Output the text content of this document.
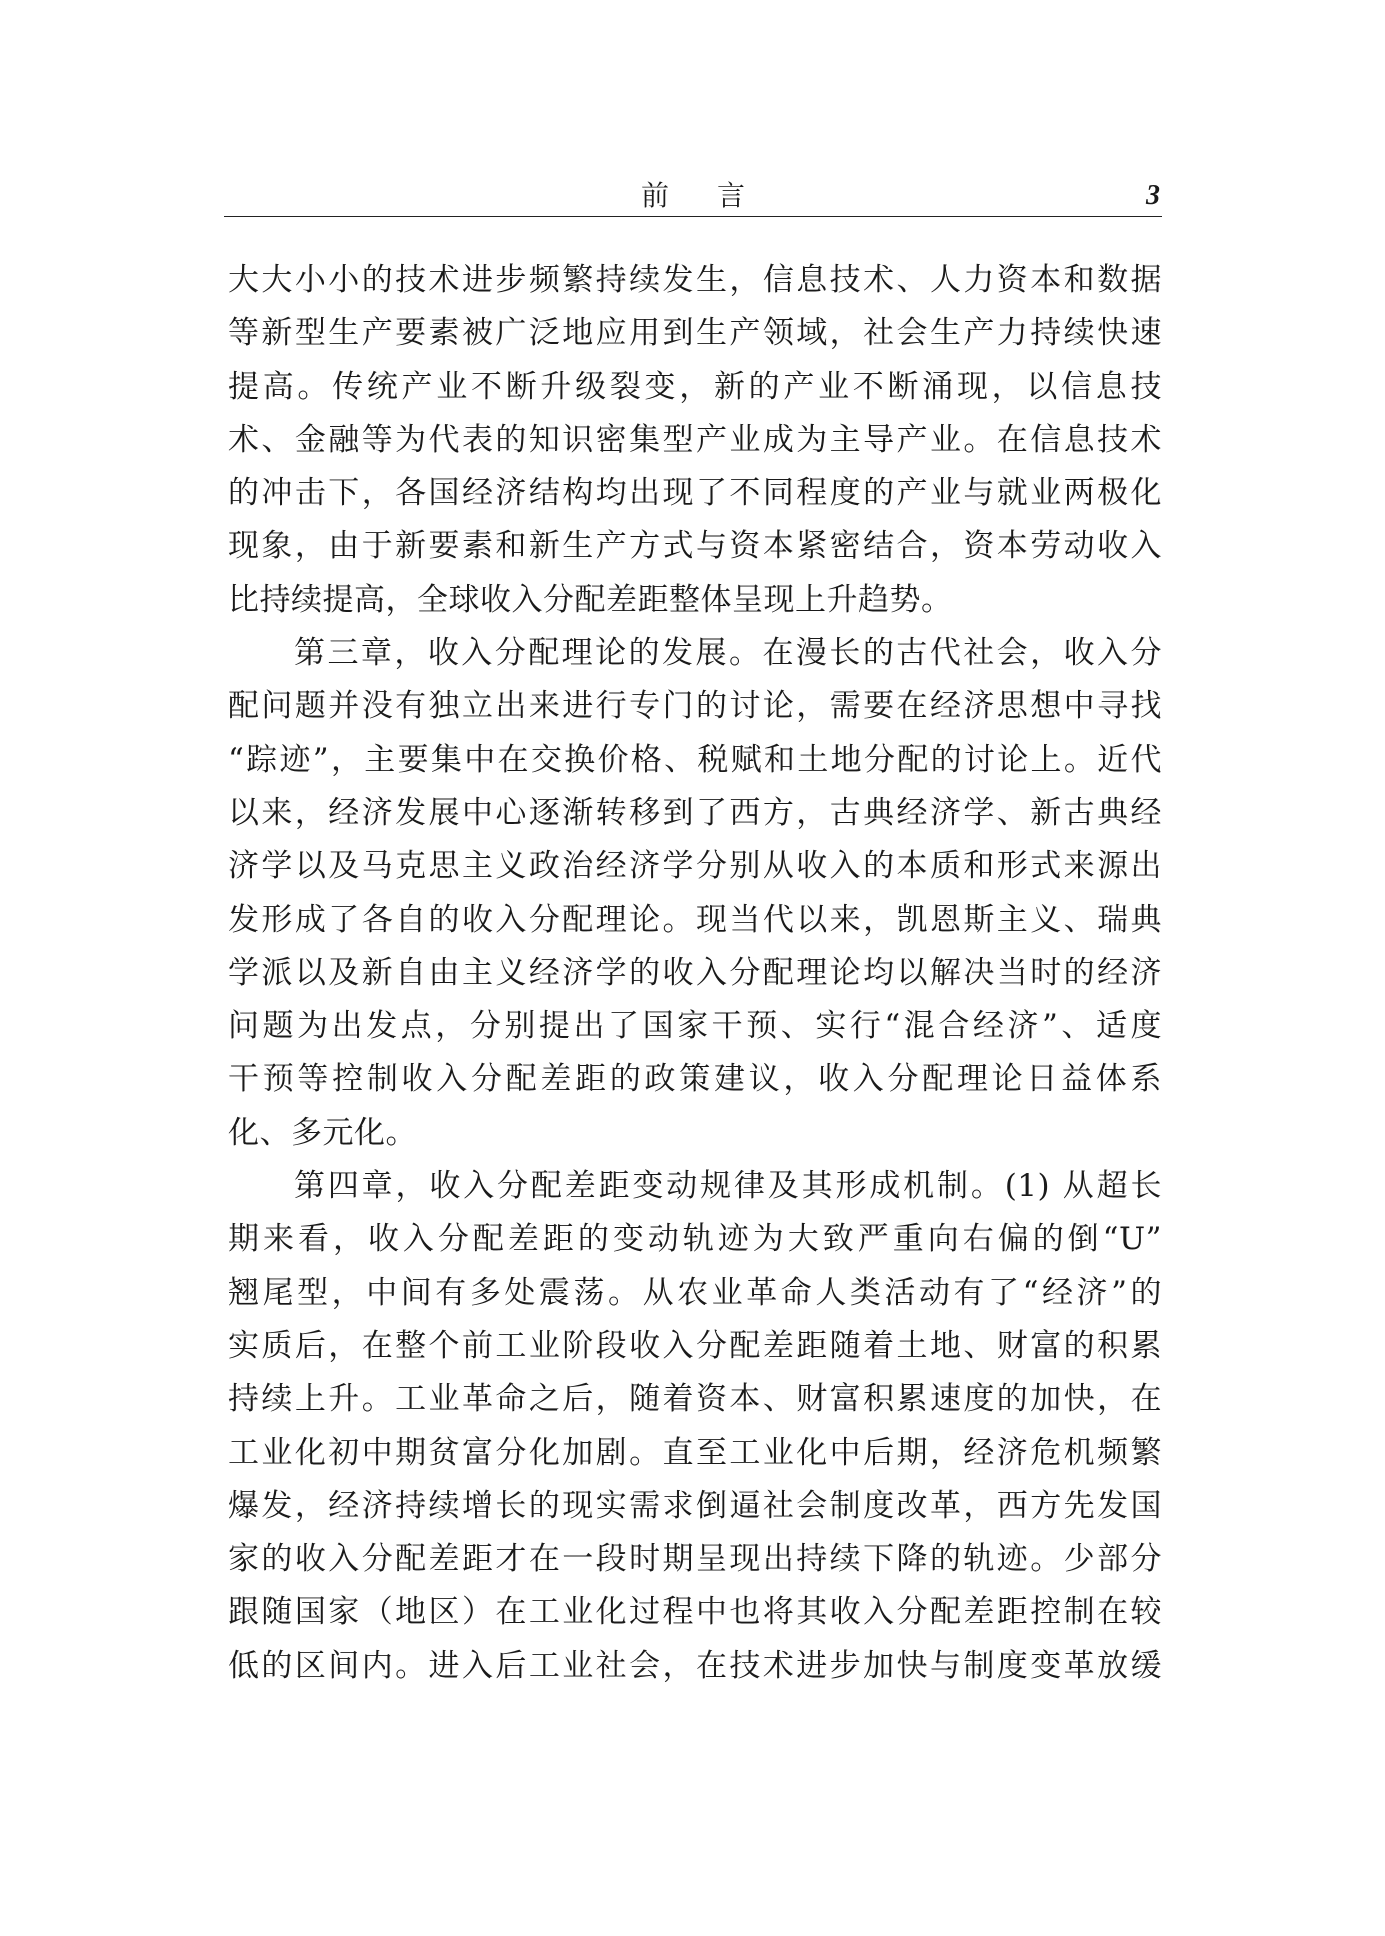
前言	3
大大小小的技术进步频繁持续发生，信息技术、人力资本和数据
等新型生产要素被广泛地应用到生产领域，社会生产力持续快速
提高。传统产业不断升级裂变，新的产业不断涌现，以信息技
术、金融等为代表的知识密集型产业成为主导产业。在信息技术
的冲击下，各国经济结构均出现了不同程度的产业与就业两极化
现象，由于新要素和新生产方式与资本紧密结合，资本劳动收入
比持续提高，全球收入分配差距整体呈现上升趋势。
第三章，收入分配理论的发展。在漫长的古代社会，收入分
配问题并没有独立出来进行专门的讨论，需要在经济思想中寻找
“踪迹”，主要集中在交换价格、税赋和土地分配的讨论上。近代
以来，经济发展中心逐渐转移到了西方，古典经济学、新古典经
济学以及马克思主义政治经济学分别从收入的本质和形式来源出
发形成了各自的收入分配理论。现当代以来，凯恩斯主义、瑞典
学派以及新自由主义经济学的收入分配理论均以解决当时的经济
问题为出发点，分别提出了国家干预、实行“混合经济”、适度
干预等控制收入分配差距的政策建议，收入分配理论日益体系
化、多元化。
第四章，收入分配差距变动规律及其形成机制。(1) 从超长
期来看，收入分配差距的变动轨迹为大致严重向右偏的倒“U”
翘尾型，中间有多处震荡。从农业革命人类活动有了“经济”的
实质后，在整个前工业阶段收入分配差距随着土地、财富的积累
持续上升。工业革命之后，随着资本、财富积累速度的加快，在
工业化初中期贫富分化加剧。直至工业化中后期，经济危机频繁
爆发，经济持续增长的现实需求倒逼社会制度改革，西方先发国
家的收入分配差距才在一段时期呈现出持续下降的轨迹。少部分
跟随国家（地区）在工业化过程中也将其收入分配差距控制在较
低的区间内。进入后工业社会，在技术进步加快与制度变革放缓
